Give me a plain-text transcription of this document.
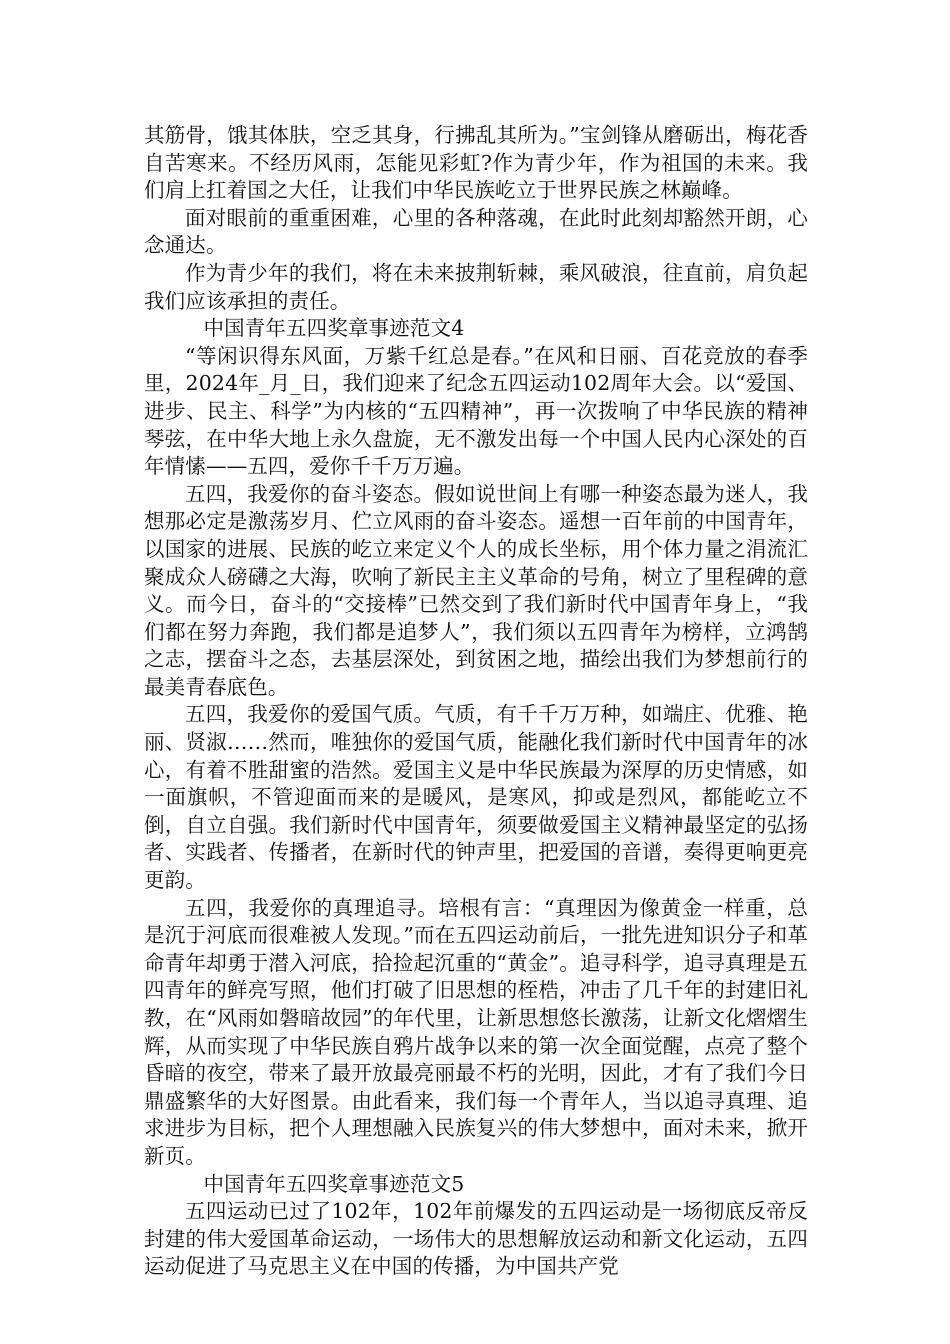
其筋骨，饿其体肤，空乏其身，行拂乱其所为。”宝剑锋从磨砺出，梅花香自苦寒来。不经历风雨，怎能见彩虹?作为青少年，作为祖国的未来。我们肩上扛着国之大任，让我们中华民族屹立于世界民族之林巅峰。

面对眼前的重重困难，心里的各种落魂，在此时此刻却豁然开朗，心念通达。

作为青少年的我们，将在未来披荆斩棘，乘风破浪，往直前，肩负起我们应该承担的责任。

中国青年五四奖章事迹范文4

“等闲识得东风面，万紫千红总是春。”在风和日丽、百花竞放的春季里，2024年_月_日，我们迎来了纪念五四运动102周年大会。以“爱国、进步、民主、科学”为内核的“五四精神”，再一次拨响了中华民族的精神琴弦，在中华大地上永久盘旋，无不激发出每一个中国人民内心深处的百年情愫——五四，爱你千千万万遍。

五四，我爱你的奋斗姿态。假如说世间上有哪一种姿态最为迷人，我想那必定是激荡岁月、伫立风雨的奋斗姿态。遥想一百年前的中国青年，以国家的进展、民族的屹立来定义个人的成长坐标，用个体力量之涓流汇聚成众人磅礴之大海，吹响了新民主主义革命的号角，树立了里程碑的意义。而今日，奋斗的“交接棒”已然交到了我们新时代中国青年身上，“我们都在努力奔跑，我们都是追梦人”，我们须以五四青年为榜样，立鸿鹄之志，摆奋斗之态，去基层深处，到贫困之地，描绘出我们为梦想前行的最美青春底色。

五四，我爱你的爱国气质。气质，有千千万万种，如端庄、优雅、艳丽、贤淑……然而，唯独你的爱国气质，能融化我们新时代中国青年的冰心，有着不胜甜蜜的浩然。爱国主义是中华民族最为深厚的历史情感，如一面旗帜，不管迎面而来的是暖风，是寒风，抑或是烈风，都能屹立不倒，自立自强。我们新时代中国青年，须要做爱国主义精神最坚定的弘扬者、实践者、传播者，在新时代的钟声里，把爱国的音谱，奏得更响更亮更韵。

五四，我爱你的真理追寻。培根有言：“真理因为像黄金一样重，总是沉于河底而很难被人发现。”而在五四运动前后，一批先进知识分子和革命青年却勇于潜入河底，拾捡起沉重的“黄金”。追寻科学，追寻真理是五四青年的鲜亮写照，他们打破了旧思想的桎梏，冲击了几千年的封建旧礼教，在“风雨如磐暗故园”的年代里，让新思想悠长激荡，让新文化熠熠生辉，从而实现了中华民族自鸦片战争以来的第一次全面觉醒，点亮了整个昏暗的夜空，带来了最开放最亮丽最不朽的光明，因此，才有了我们今日鼎盛繁华的大好图景。由此看来，我们每一个青年人，当以追寻真理、追求进步为目标，把个人理想融入民族复兴的伟大梦想中，面对未来，掀开新页。

中国青年五四奖章事迹范文5

五四运动已过了102年，102年前爆发的五四运动是一场彻底反帝反封建的伟大爱国革命运动，一场伟大的思想解放运动和新文化运动，五四运动促进了马克思主义在中国的传播，为中国共产党
